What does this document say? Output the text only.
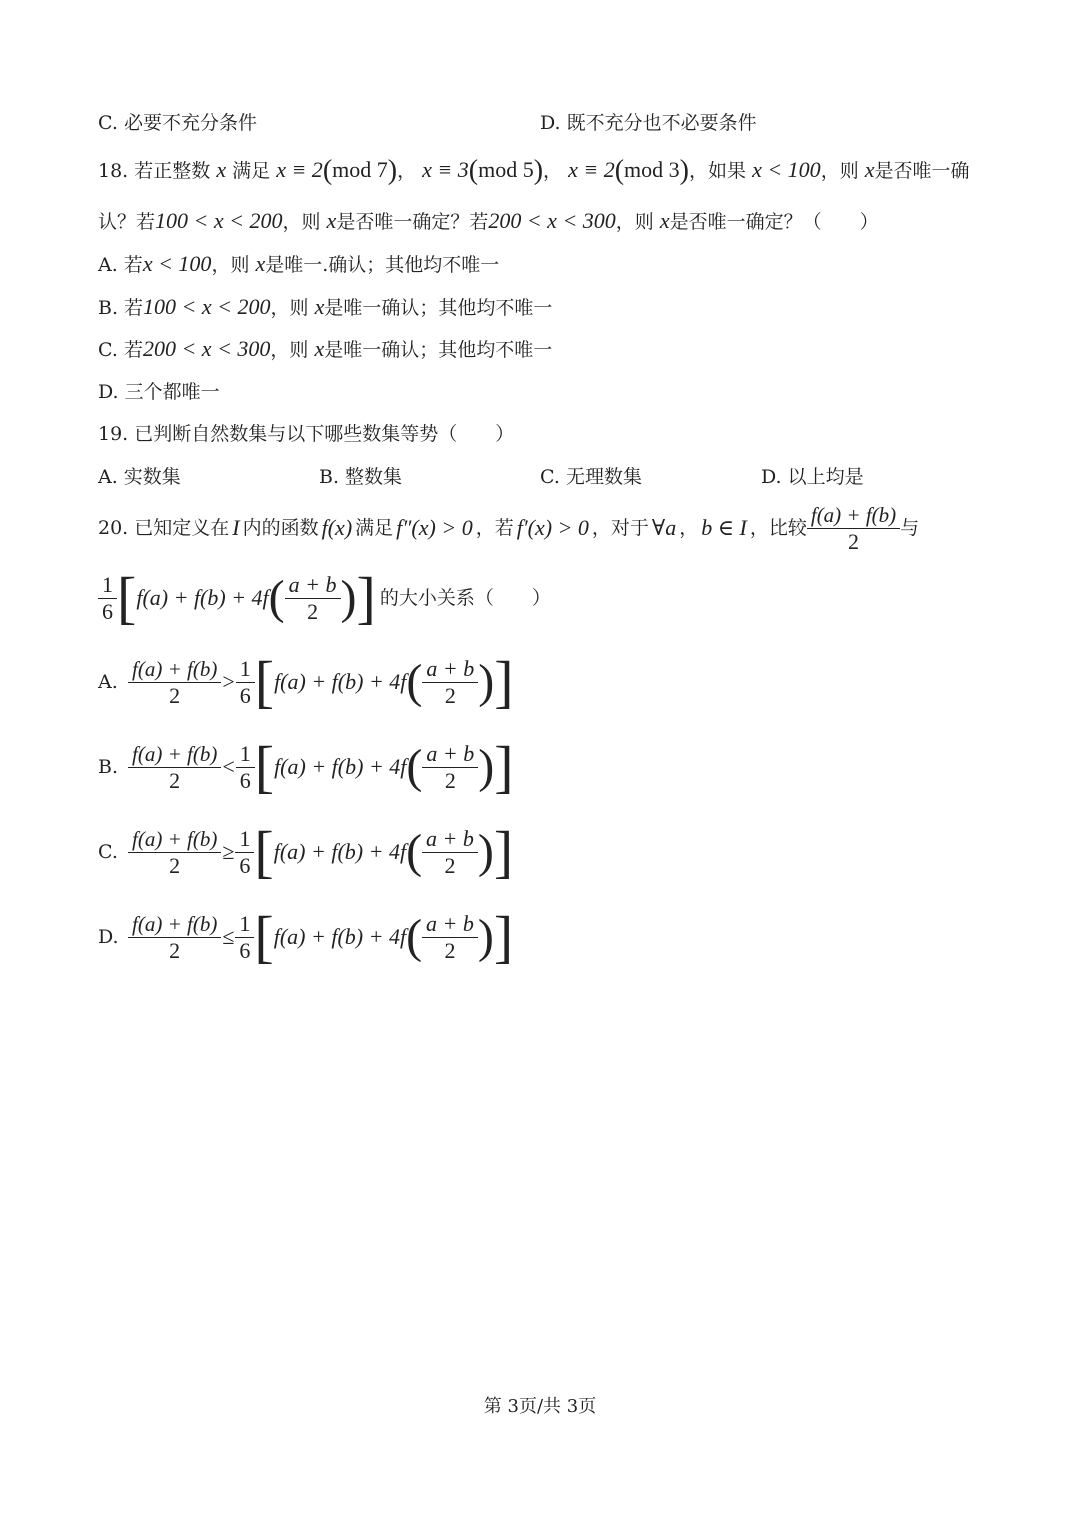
C. 必要不充分条件	D. 既不充分也不必要条件
18. 若正整数 x 满足 x ≡ 2(mod 7)， x ≡ 3(mod 5)， x ≡ 2(mod 3)，如果 x < 100，则 x是否唯一确
认？若100 < x < 200，则 x是否唯一确定？若200 < x < 300，则 x是否唯一确定？（　　）
A. 若x < 100，则 x是唯一.确认；其他均不唯一
B. 若100 < x < 200，则 x是唯一确认；其他均不唯一
C. 若200 < x < 300，则 x是唯一确认；其他均不唯一
D. 三个都唯一
19. 已判断自然数集与以下哪些数集等势（　　）
A. 实数集	B. 整数集	C. 无理数集	D. 以上均是
20. 已知定义在 I 内的函数 f(x) 满足 f″(x) > 0 ，若 f′(x) > 0 ，对于 ∀a ， b ∈ I ，比较 $\frac{f(a) + f(b)}{2}$ 与
$\frac{1}{6}$ [ f(a) + f(b) + 4f ( $\frac{a + b}{2}$ ) ] 的大小关系（　　）
A. $\frac{f(a) + f(b)}{2} > \frac{1}{6}$ [ f(a) + f(b) + 4f ( $\frac{a + b}{2}$ ) ]
B. $\frac{f(a) + f(b)}{2} < \frac{1}{6}$ [ f(a) + f(b) + 4f ( $\frac{a + b}{2}$ ) ]
C. $\frac{f(a) + f(b)}{2} \ge \frac{1}{6}$ [ f(a) + f(b) + 4f ( $\frac{a + b}{2}$ ) ]
D. $\frac{f(a) + f(b)}{2} \le \frac{1}{6}$ [ f(a) + f(b) + 4f ( $\frac{a + b}{2}$ ) ]
第 3页/共 3页
